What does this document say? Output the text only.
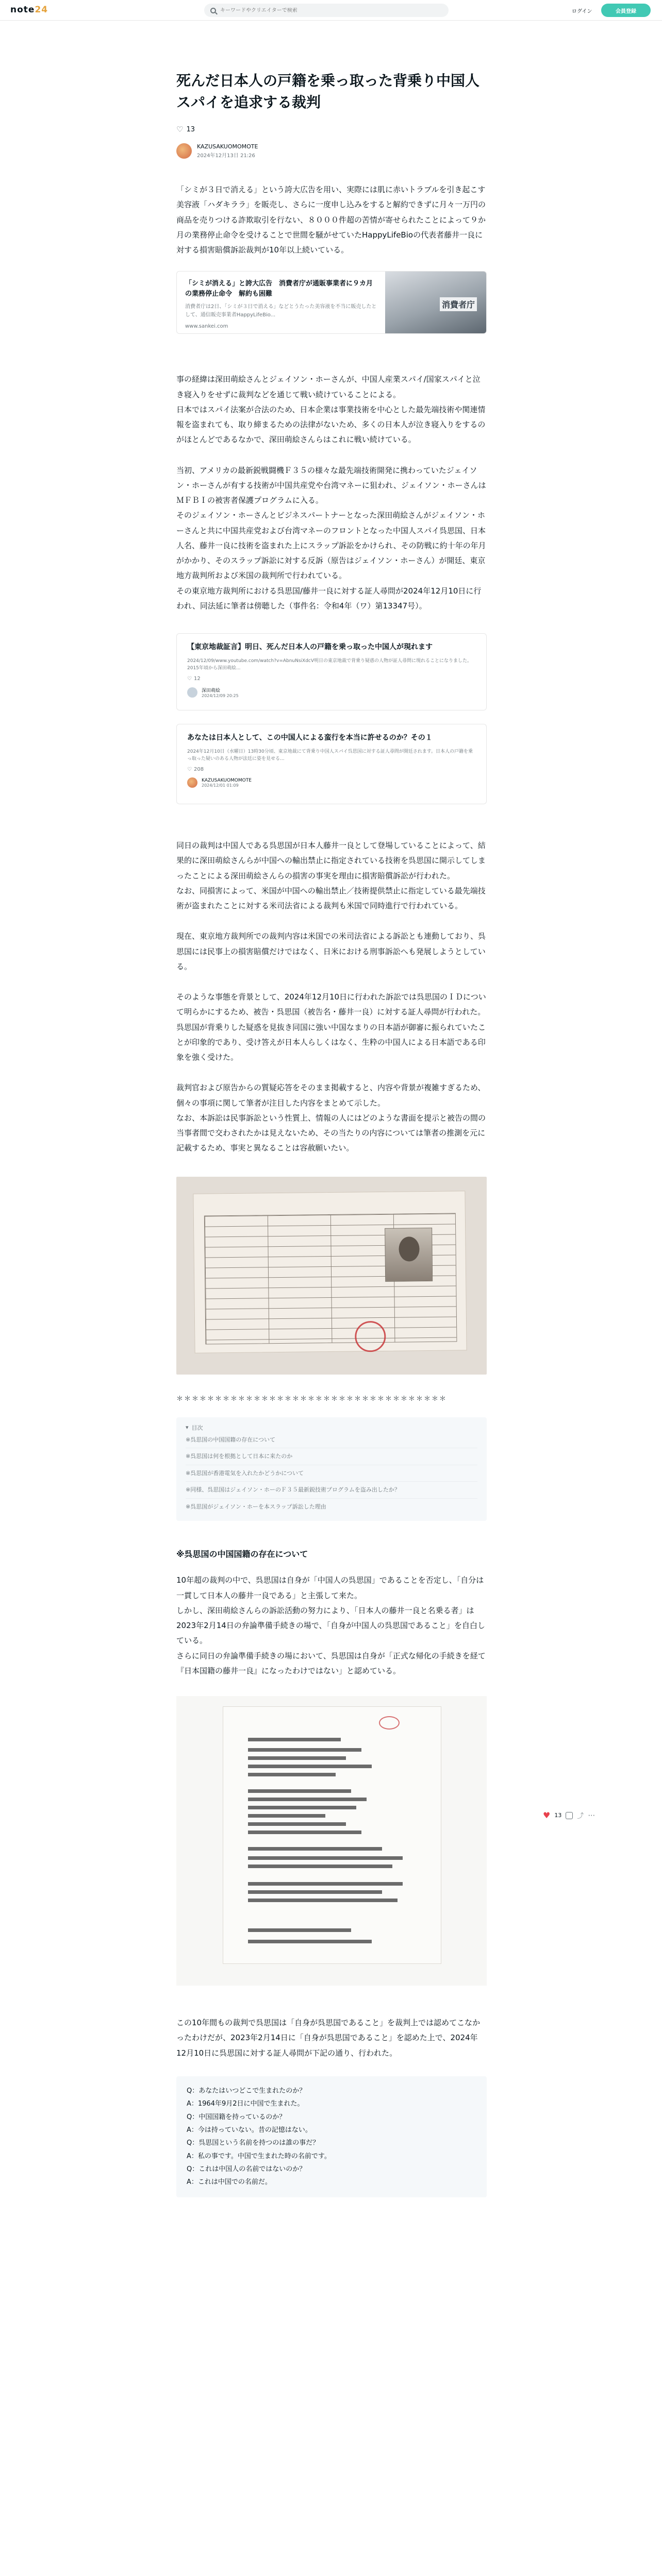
note24
キーワードやクリエイターで検索	ログイン	会員登録
死んだ日本人の戸籍を乗っ取った背乗り中国人スパイを追求する裁判
♡ 13
KAZUSAKUOMOMOTE
2024年12月13日 21:26

「シミが３日で消える」という誇大広告を用い、実際には肌に赤いトラブルを引き起こす美容液「ハダキララ」を販売し、さらに一度申し込みをすると解約できずに月々一万円の商品を売りつける詐欺取引を行ない、８０００件超の苦情が寄せられたことによって９か月の業務停止命令を受けることで世間を騒がせていたHappyLifeBioの代表者藤井一良に対する損害賠償訴訟裁判が10年以上続いている。

「シミが消える」と誇大広告　消費者庁が通販事業者に９カ月の業務停止命令　解約も困難
消費者庁は2日、「シミが３日で消える」などとうたった美容液を不当に販売したとして、通信販売事業者HappyLifeBio...
www.sankei.com
消費者庁

事の経緯は深田萌絵さんとジェイソン・ホーさんが、中国人産業スパイ/国家スパイと泣き寝入りをせずに裁判などを通じて戦い続けていることによる。
日本ではスパイ法案が合法のため、日本企業は事業技術を中心とした最先端技術や関連情報を盗まれても、取り締まるための法律がないため、多くの日本人が泣き寝入りをするのがほとんどであるなかで、深田萌絵さんらはこれに戦い続けている。

当初、アメリカの最新鋭戦闘機Ｆ３５の様々な最先端技術開発に携わっていたジェイソン・ホーさんが有する技術が中国共産党や台湾マネーに狙われ、ジェイソン・ホーさんはＭＦＢＩの被害者保護プログラムに入る。
そのジェイソン・ホーさんとビジネスパートナーとなった深田萌絵さんがジェイソン・ホーさんと共に中国共産党および台湾マネーのフロントとなった中国人スパイ呉思国、日本人名、藤井一良に技術を盗まれた上にスラップ訴訟をかけられ、その防戦に約十年の年月がかかり、そのスラップ訴訟に対する反訴（原告はジェイソン・ホーさん）が開廷、東京地方裁判所および米国の裁判所で行われている。
その東京地方裁判所における呉思国/藤井一良に対する証人尋問が2024年12月10日に行われ、同法延に筆者は傍聴した（事件名：令和4年（ワ）第13347号）。

【東京地裁証言】明日、死んだ日本人の戸籍を乗っ取った中国人が現れます
2024/12/09/www.youtube.com/watch?v=AbnuNsiXdcV明日の東京地裁で背乗り疑惑の人物が証人尋問に現れることになりました。2015年頃から深田萌絵...
♡ 12
深田萌絵
2024/12/09 20:25
あなたは日本人として、この中国人による蛮行を本当に許せるのか？その１
2024年12月10日（水曜日）13時30分頃、東京地裁にて背乗り中国人スパイ呉思国に対する証人尋問が開廷されます。日本人の戸籍を乗っ取った疑いのある人物が法廷に姿を見せる...
♡ 208
KAZUSAKUOMOMOTE
2024/12/01 01:09

同日の裁判は中国人である呉思国が日本人藤井一良として登場していることによって、結果的に深田萌絵さんらが中国への輸出禁止に指定されている技術を呉思国に開示してしまったことによる深田萌絵さんらの損害の事実を理由に損害賠償訴訟が行われた。
なお、同損害によって、米国が中国への輸出禁止／技術提供禁止に指定している最先端技術が盗まれたことに対する米司法省による裁判も米国で同時進行で行われている。

現在、東京地方裁判所での裁判内容は米国での米司法省による訴訟とも連動しており、呉思国には民事上の損害賠償だけではなく、日米における刑事訴訟へも発展しようとしている。

そのような事態を背景として、2024年12月10日に行われた訴訟では呉思国のＩＤについて明らかにするため、被告・呉思国（被告名・藤井一良）に対する証人尋問が行われた。
呉思国が背乗りした疑惑を見抜き同国に強い中国なまりの日本語が御審に振られていたことが印象的であり、受け答えが日本人らしくはなく、生粋の中国人による日本語である印象を強く受けた。

裁判官および原告からの質疑応答をそのまま掲載すると、内容や背景が複雑すぎるため、個々の事項に関して筆者が注目した内容をまとめて示した。
なお、本訴訟は民事訴訟という性質上、情報の人にはどのような書面を提示と被告の間の当事者間で交わされたかは見えないため、その当たりの内容については筆者の推測を元に記載するため、事実と異なることは容赦願いたい。

＊＊＊＊＊＊＊＊＊＊＊＊＊＊＊＊＊＊＊＊＊＊＊＊＊＊＊＊＊＊＊＊＊＊＊
▾ 目次
※呉思国の中国国籍の存在について
※呉思国は何を根拠として日本に来たのか
※呉思国が香港電気を入れたかどうかについて
※同様、呉思国はジェイソン・ホーのＦ３５最新鋭技術プログラムを盗み出したか？
※呉思国がジェイソン・ホーを本スラップ訴訟した理由
※呉思国の中国国籍の存在について

10年超の裁判の中で、呉思国は自身が「中国人の呉思国」であることを否定し、「自分は一貫して日本人の藤井一良である」と主張して来た。
しかし、深田萌絵さんらの訴訟活動の努力により、「日本人の藤井一良と名乗る者」は2023年2月14日の弁論準備手続きの場で、「自身が中国人の呉思国であること」を自白している。
さらに同日の弁論準備手続きの場において、呉思国は自身が「正式な帰化の手続きを経て『日本国籍の藤井一良』になったわけではない」と認めている。

この10年間もの裁判で呉思国は「自身が呉思国であること」を裁判上では認めてこなかったわけだが、2023年2月14日に「自身が呉思国であること」を認めた上で、2024年12月10日に呉思国に対する証人尋問が下記の通り、行われた。

Q：あなたはいつどこで生まれたのか？
A：1964年9月2日に中国で生まれた。
Q：中国国籍を持っているのか？
A：今は持っていない。昔の記憶はない。
Q：呉思国という名前を持つのは誰の事だ？
A：私の事です。中国で生まれた時の名前です。
Q：これは中国人の名前ではないのか？
A：これは中国での名前だ。
♥ 13 ⤴ ⋯
